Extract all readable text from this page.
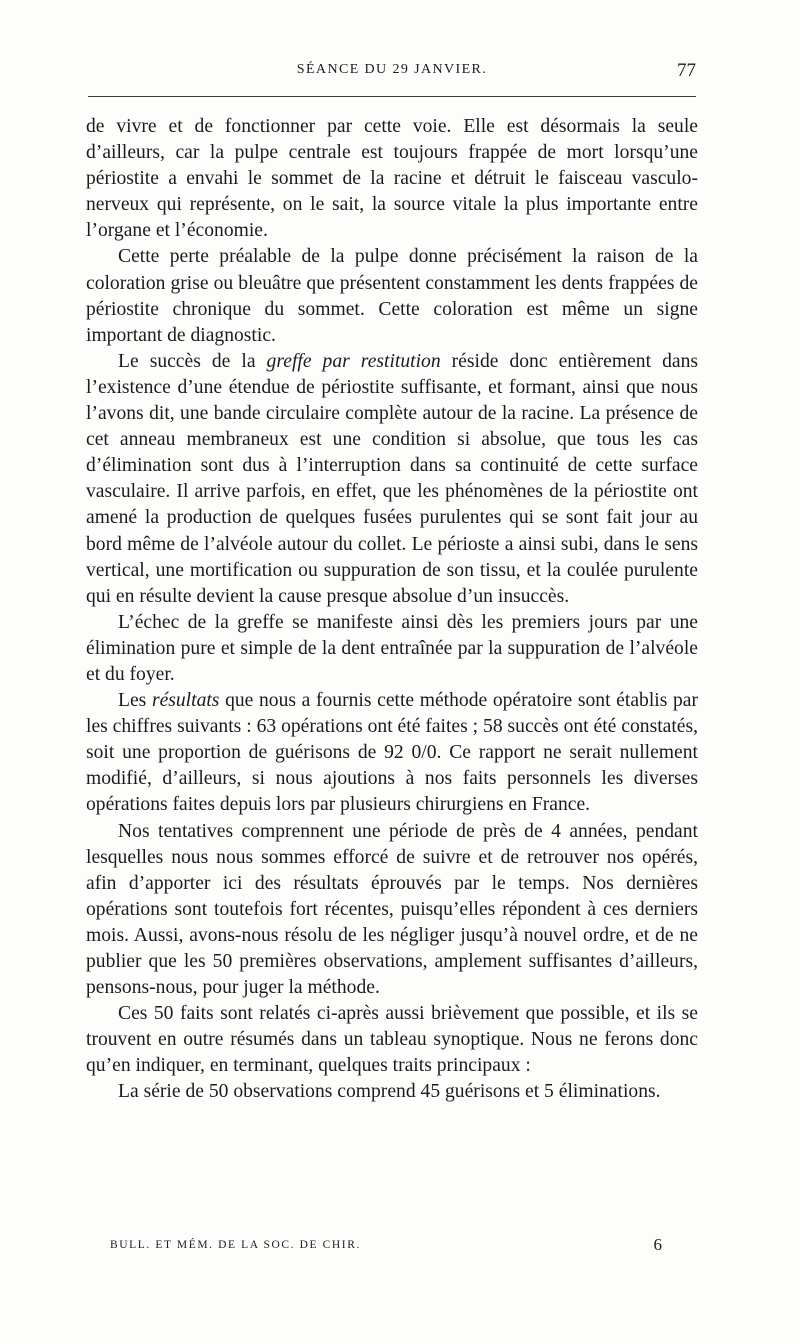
SÉANCE DU 29 JANVIER.	77

de vivre et de fonctionner par cette voie. Elle est désormais la seule d’ailleurs, car la pulpe centrale est toujours frappée de mort lorsqu’une périostite a envahi le sommet de la racine et détruit le faisceau vasculo-nerveux qui représente, on le sait, la source vitale la plus importante entre l’organe et l’économie.

Cette perte préalable de la pulpe donne précisément la raison de la coloration grise ou bleuâtre que présentent constamment les dents frappées de périostite chronique du sommet. Cette coloration est même un signe important de diagnostic.

Le succès de la greffe par restitution réside donc entièrement dans l’existence d’une étendue de périostite suffisante, et formant, ainsi que nous l’avons dit, une bande circulaire complète autour de la racine. La présence de cet anneau membraneux est une condition si absolue, que tous les cas d’élimination sont dus à l’interruption dans sa continuité de cette surface vasculaire. Il arrive parfois, en effet, que les phénomènes de la périostite ont amené la production de quelques fusées purulentes qui se sont fait jour au bord même de l’alvéole autour du collet. Le périoste a ainsi subi, dans le sens vertical, une mortification ou suppuration de son tissu, et la coulée purulente qui en résulte devient la cause presque absolue d’un insuccès.

L’échec de la greffe se manifeste ainsi dès les premiers jours par une élimination pure et simple de la dent entraînée par la suppuration de l’alvéole et du foyer.

Les résultats que nous a fournis cette méthode opératoire sont établis par les chiffres suivants : 63 opérations ont été faites ; 58 succès ont été constatés, soit une proportion de guérisons de 92 0/0. Ce rapport ne serait nullement modifié, d’ailleurs, si nous ajoutions à nos faits personnels les diverses opérations faites depuis lors par plusieurs chirurgiens en France.

Nos tentatives comprennent une période de près de 4 années, pendant lesquelles nous nous sommes efforcé de suivre et de retrouver nos opérés, afin d’apporter ici des résultats éprouvés par le temps. Nos dernières opérations sont toutefois fort récentes, puisqu’elles répondent à ces derniers mois. Aussi, avons-nous résolu de les négliger jusqu’à nouvel ordre, et de ne publier que les 50 premières observations, amplement suffisantes d’ailleurs, pensons-nous, pour juger la méthode.

Ces 50 faits sont relatés ci-après aussi brièvement que possible, et ils se trouvent en outre résumés dans un tableau synoptique. Nous ne ferons donc qu’en indiquer, en terminant, quelques traits principaux :

La série de 50 observations comprend 45 guérisons et 5 éliminations.

BULL. ET MÉM. DE LA SOC. DE CHIR.	6
